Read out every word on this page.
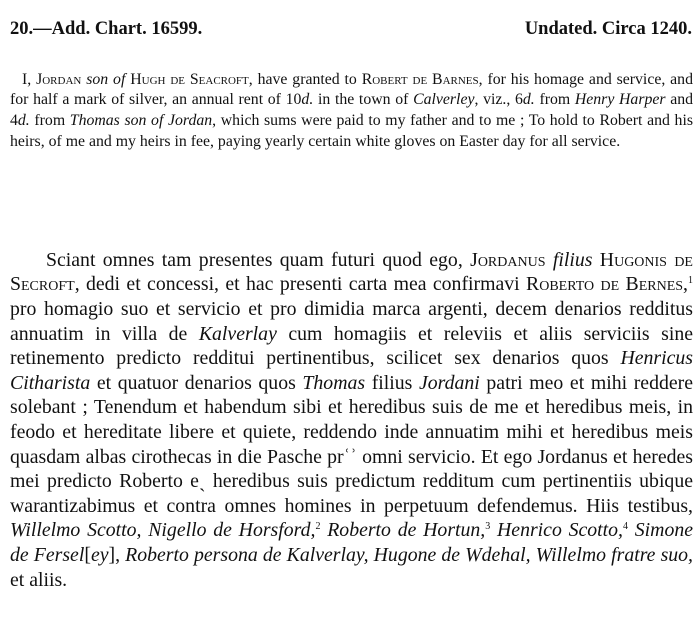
20.—Add. Chart. 16599.	Undated. Circa 1240.

I, Jordan son of Hugh de Seacroft, have granted to Robert de Barnes, for his homage and service, and for half a mark of silver, an annual rent of 10d. in the town of Calverley, viz., 6d. from Henry Harper and 4d. from Thomas son of Jordan, which sums were paid to my father and to me ; To hold to Robert and his heirs, of me and my heirs in fee, paying yearly certain white gloves on Easter day for all service.

Sciant omnes tam presentes quam futuri quod ego, Jordanus filius Hugonis de Secroft, dedi et concessi, et hac presenti carta mea confirmavi Roberto de Bernes,$^1$ pro homagio suo et servicio et pro dimidia marca argenti, decem denarios redditus annuatim in villa de Kalverlay cum homagiis et releviis et aliis serviciis sine retinemento predicto redditui pertinentibus, scilicet sex denarios quos Henricus Citharista et quatuor denarios quos Thomas filius Jordani patri meo et mihi reddere solebant ; Tenendum et habendum sibi et heredibus suis de me et heredibus meis, in feodo et hereditate libere et quiete, reddendo inde annuatim mihi et heredibus meis quasdam albas cirothecas in die Pasche prʿʾ omni servicio. Et ego Jordanus et heredes mei predicto Roberto eˎ heredibus suis predictum redditum cum pertinentiis ubique warantizabimus et contra omnes homines in perpetuum defendemus. Hiis testibus, Willelmo Scotto, Nigello de Horsford,$^2$ Roberto de Hortun,$^3$ Henrico Scotto,$^4$ Simone de Fersel[ey], Roberto persona de Kalverlay, Hugone de Wdehal, Willelmo fratre suo, et aliis.
